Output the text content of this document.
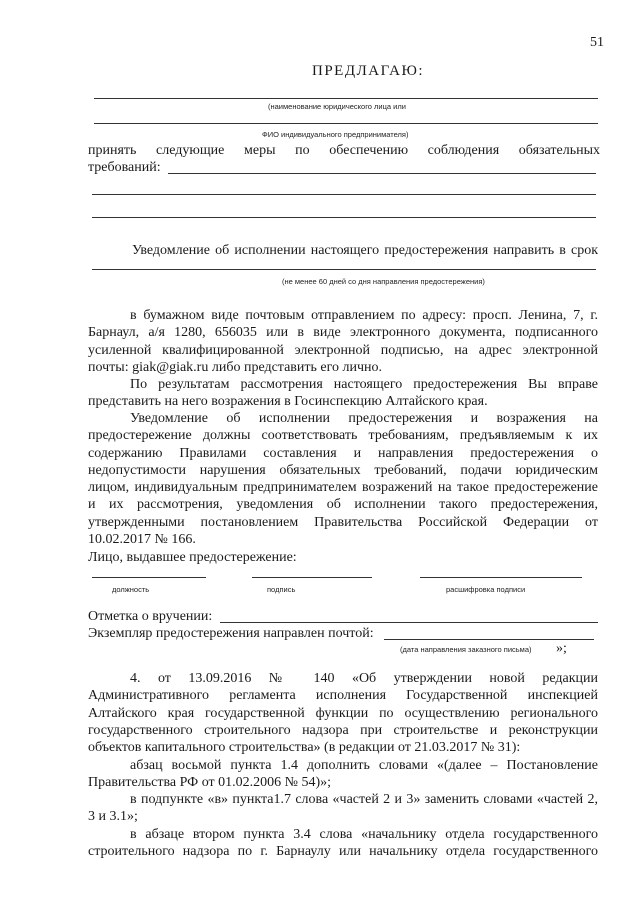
51
ПРЕДЛАГАЮ:
(наименование юридического лица или
ФИО индивидуального предпринимателя)
принять следующие меры по обеспечению соблюдения обязательных
требований:
Уведомление об исполнении настоящего предостережения направить в срок
(не менее 60 дней со дня направления предостережения)
в бумажном виде почтовым отправлением по адресу: просп. Ленина, 7, г.
Барнаул, а/я 1280, 656035 или в виде электронного документа, подписанного
усиленной квалифицированной электронной подписью, на адрес электронной
почты: giak@giak.ru либо представить его лично.
По результатам рассмотрения настоящего предостережения Вы вправе
представить на него возражения в Госинспекцию Алтайского края.
Уведомление об исполнении предостережения и возражения на
предостережение должны соответствовать требованиям, предъявляемым к их
содержанию Правилами составления и направления предостережения о
недопустимости нарушения обязательных требований, подачи юридическим
лицом, индивидуальным предпринимателем возражений на такое предостережение
и их рассмотрения, уведомления об исполнении такого предостережения,
утвержденными постановлением Правительства Российской Федерации от
10.02.2017 № 166.
Лицо, выдавшее предостережение:
должность	подпись	расшифровка подписи
Отметка о вручении:
Экземпляр предостережения направлен почтой:
(дата направления заказного письма) »;
4. от 13.09.2016 № 140 «Об утверждении новой редакции
Административного регламента исполнения Государственной инспекцией
Алтайского края государственной функции по осуществлению регионального
государственного строительного надзора при строительстве и реконструкции
объектов капитального строительства» (в редакции от 21.03.2017 № 31):
абзац восьмой пункта 1.4 дополнить словами «(далее – Постановление
Правительства РФ от 01.02.2006 № 54)»;
в подпункте «в» пункта1.7 слова «частей 2 и 3» заменить словами «частей 2,
3 и 3.1»;
в абзаце втором пункта 3.4 слова «начальнику отдела государственного
строительного надзора по г. Барнаулу или начальнику отдела государственного
